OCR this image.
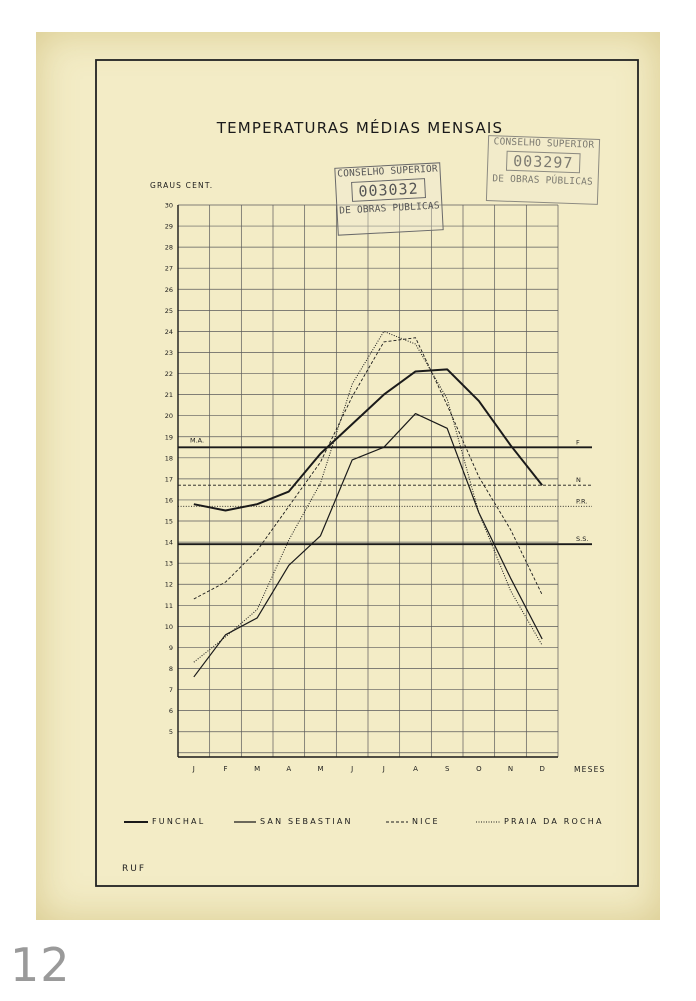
TEMPERATURAS MÉDIAS MENSAIS
GRAUS CENT.
MESES
F
M.A.
N
P.R.
S.S.
30
29
28
27
26
25
24
23
22
21
20
19
18
17
16
15
14
13
12
11
10
9
8
7
6
5
J	F	M	A	M	J	J	A	S	O	N	D
FUNCHAL	SAN SEBASTIAN	NICE	PRAIA DA ROCHA
CONSELHO SUPERIOR
003032
DE OBRAS PUBLICAS
CONSELHO SUPERIOR
003297
DE OBRAS PÚBLICAS
RUF
12
